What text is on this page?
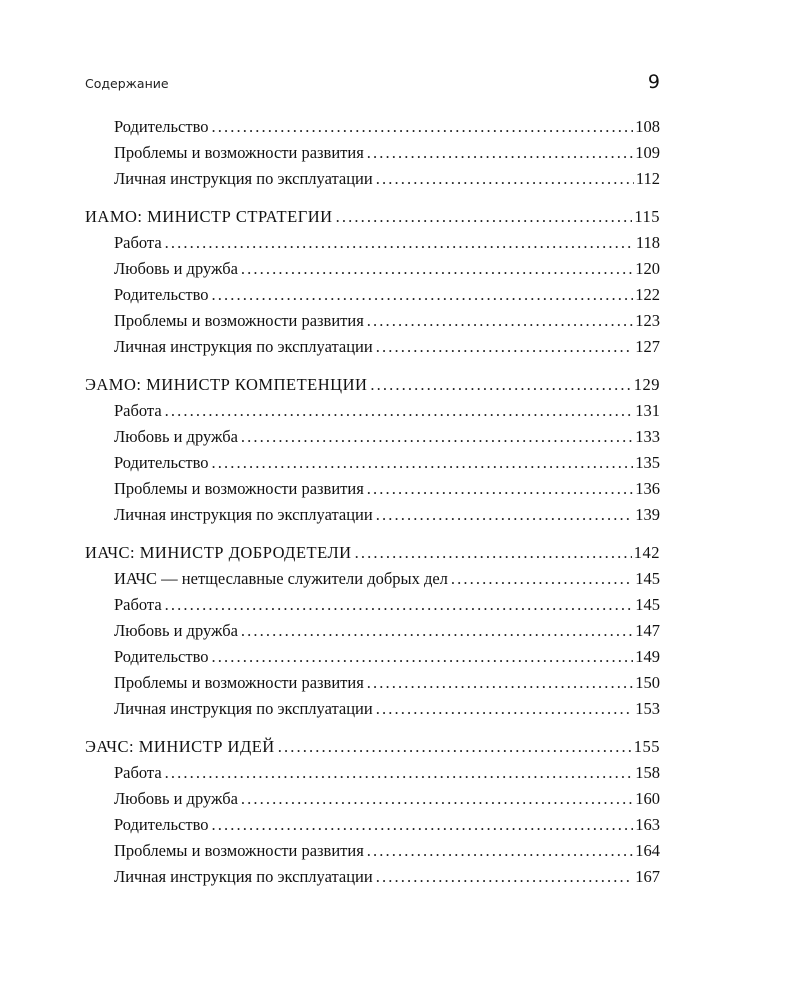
Содержание	9
Родительство . . .	108
Проблемы и возможности развития . . .	109
Личная инструкция по эксплуатации . . .	112
ИАМО: МИНИСТР СТРАТЕГИИ . . .	115
Работа . . .	118
Любовь и дружба . . .	120
Родительство . . .	122
Проблемы и возможности развития . . .	123
Личная инструкция по эксплуатации . . .	127
ЭАМО: МИНИСТР КОМПЕТЕНЦИИ . . .	129
Работа . . .	131
Любовь и дружба . . .	133
Родительство . . .	135
Проблемы и возможности развития . . .	136
Личная инструкция по эксплуатации . . .	139
ИАЧС: МИНИСТР ДОБРОДЕТЕЛИ . . .	142
ИАЧС — нетщеславные служители добрых дел . . .	145
Работа . . .	145
Любовь и дружба . . .	147
Родительство . . .	149
Проблемы и возможности развития . . .	150
Личная инструкция по эксплуатации . . .	153
ЭАЧС: МИНИСТР ИДЕЙ . . .	155
Работа . . .	158
Любовь и дружба . . .	160
Родительство . . .	163
Проблемы и возможности развития . . .	164
Личная инструкция по эксплуатации . . .	167
